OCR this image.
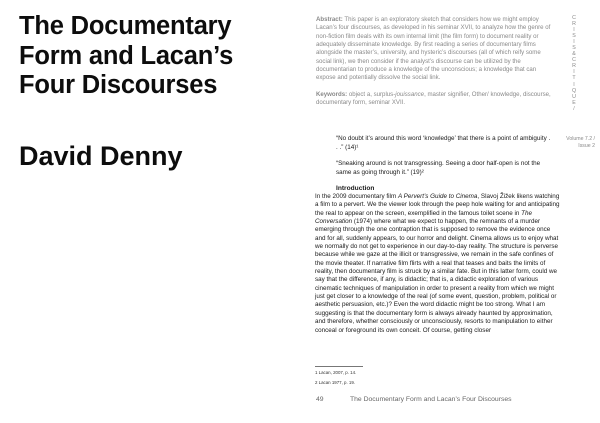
The Documentary
Form and Lacan’s
Four Discourses
David Denny

Abstract: This paper is an exploratory sketch that considers how we might employ Lacan’s four discourses, as developed in his seminar XVII, to analyze how the genre of non-fiction film deals with its own internal limit (the film form) to document reality or adequately disseminate knowledge. By first reading a series of documentary films alongside the master’s, university, and hysteric’s discourses (all of which reify some social link), we then consider if the analyst’s discourse can be utilized by the documentarian to produce a knowledge of the unconscious; a knowledge that can expose and potentially dissolve the social link.

Keywords: object a, surplus-jouissance, master signifier, Other/ knowledge, discourse, documentary form, seminar XVII.

C
R
I
S
I
S
&
C
R
I
T
I
Q
U
E
/
Volume 7.2 /
Issue 2

“No doubt it’s around this word ‘knowledge’ that there is a point of ambiguity . . .” (14)¹

“Sneaking around is not transgressing. Seeing a door half-open is not the same as going through it.” (19)²

Introduction

In the 2009 documentary film A Pervert’s Guide to Cinema, Slavoj Žižek likens watching a film to a pervert. We the viewer look through the peep hole waiting for and anticipating the real to appear on the screen, exemplified in the famous toilet scene in The Conversation (1974) where what we expect to happen, the remnants of a murder emerging through the one contraption that is supposed to remove the evidence once and for all, suddenly appears, to our horror and delight. Cinema allows us to enjoy what we normally do not get to experience in our day-to-day reality. The structure is perverse because while we gaze at the illicit or transgressive, we remain in the safe confines of the movie theater. If narrative film flirts with a real that teases and baits the limits of reality, then documentary film is struck by a similar fate. But in this latter form, could we say that the difference, if any, is didactic; that is, a didactic exploration of various cinematic techniques of manipulation in order to present a reality from which we might just get closer to a knowledge of the real (of some event, question, problem, political or aesthetic persuasion, etc.)? Even the word didactic might be too strong. What I am suggesting is that the documentary form is always already haunted by approximation, and therefore, whether consciously or unconsciously, resorts to manipulation to either conceal or foreground its own conceit. Of course, getting closer

1 Lacan, 2007, p. 14.
2 Lacan 1977, p. 19.
49	The Documentary Form and Lacan’s Four Discourses
